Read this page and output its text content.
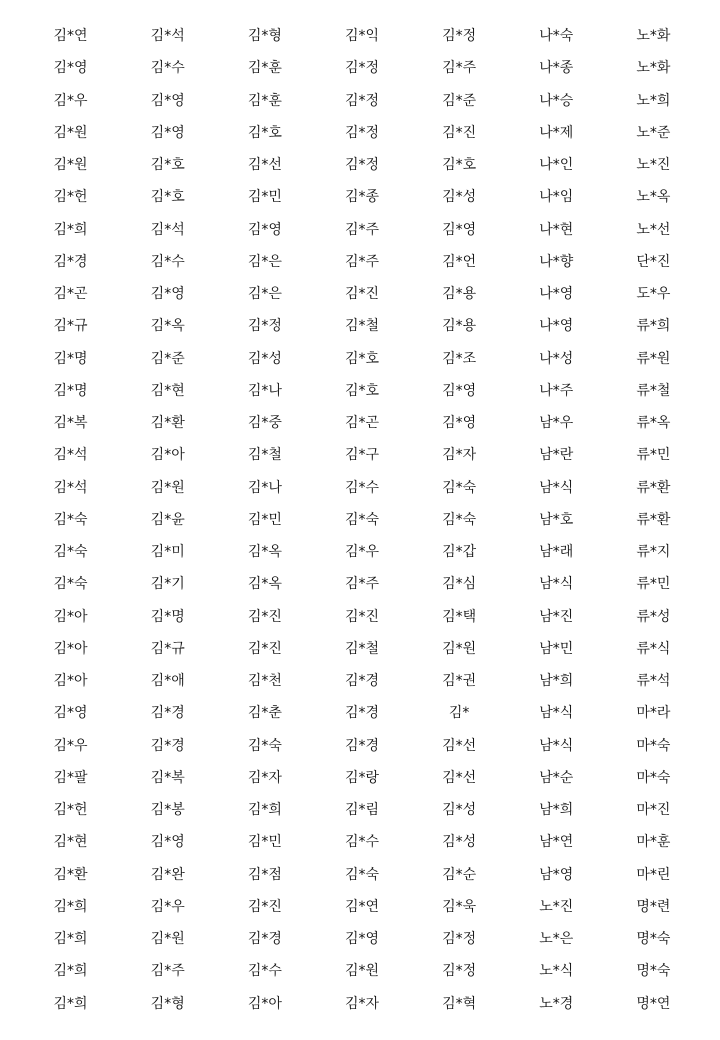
김*연	김*석	김*형	김*익	김*정	나*숙	노*화
김*영	김*수	김*훈	김*정	김*주	나*종	노*화
김*우	김*영	김*훈	김*정	김*준	나*승	노*희
김*원	김*영	김*호	김*정	김*진	나*제	노*준
김*원	김*호	김*선	김*정	김*호	나*인	노*진
김*헌	김*호	김*민	김*종	김*성	나*임	노*옥
김*희	김*석	김*영	김*주	김*영	나*현	노*선
김*경	김*수	김*은	김*주	김*언	나*향	단*진
김*곤	김*영	김*은	김*진	김*용	나*영	도*우
김*규	김*옥	김*정	김*철	김*용	나*영	류*희
김*명	김*준	김*성	김*호	김*조	나*성	류*원
김*명	김*현	김*나	김*호	김*영	나*주	류*철
김*복	김*환	김*중	김*곤	김*영	남*우	류*옥
김*석	김*아	김*철	김*구	김*자	남*란	류*민
김*석	김*원	김*나	김*수	김*숙	남*식	류*환
김*숙	김*윤	김*민	김*숙	김*숙	남*호	류*환
김*숙	김*미	김*옥	김*우	김*갑	남*래	류*지
김*숙	김*기	김*옥	김*주	김*심	남*식	류*민
김*아	김*명	김*진	김*진	김*택	남*진	류*성
김*아	김*규	김*진	김*철	김*원	남*민	류*식
김*아	김*애	김*천	김*경	김*권	남*희	류*석
김*영	김*경	김*춘	김*경	김*	남*식	마*라
김*우	김*경	김*숙	김*경	김*선	남*식	마*숙
김*팔	김*복	김*자	김*랑	김*선	남*순	마*숙
김*헌	김*봉	김*희	김*림	김*성	남*희	마*진
김*현	김*영	김*민	김*수	김*성	남*연	마*훈
김*환	김*완	김*점	김*숙	김*순	남*영	마*린
김*희	김*우	김*진	김*연	김*욱	노*진	명*련
김*희	김*원	김*경	김*영	김*정	노*은	명*숙
김*희	김*주	김*수	김*원	김*정	노*식	명*숙
김*희	김*형	김*아	김*자	김*혁	노*경	명*연
